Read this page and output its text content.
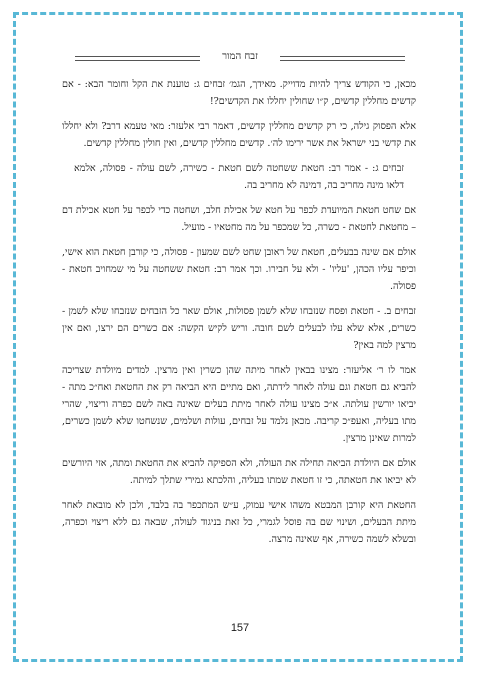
זבח המור

מכאן, כי הקודש צריך להיות מדוייק. מאידך, הגמ׳ זבחים ג: טוענת את הקל וחומר הבא: - אם קדשים מחללין קדשים, ק״ו שחולין יחללו את הקדשים?!

אלא הפסוק גילה, כי רק קדשים מחללין קדשים, דאמר רבי אלעזר: מאי טעמא דרב? ולא יחללו את קדשי בני ישראל את אשר ירימו לה׳. קדשים מחללין קדשים, ואין חולין מחללין קדשים.

זבחים ג: - אמר רב: חטאת ששחטה לשם חטאת - כשירה, לשם עולה - פסולה, אלמא דלאו מינה מחריב בה, דמינה לא מחריב בה.

אם שחט חטאת המיועדת לכפר על חטא של אכילת חלב, ושחטה כדי לכפר על חטא אכילת דם – מחטאת לחטאת - כשרה, כל שמכפר על מה מחטאיו - מועיל.

אולם אם שינה בבעלים, חטאת של ראובן שחט לשם שמעון - פסולה, כי קורבן חטאת הוא אישי, וכיפר עליו הכהן, 'עליו' - ולא על חבירו. וכך אמר רב: חטאת ששחטה על מי שמחויב חטאת - פסולה.

זבחים ב. - חטאת ופסח שנזבחו שלא לשמן פסולות, אולם שאר כל הזבחים שנזבחו שלא לשמן - כשרים, אלא שלא עלו לבעלים לשם חובה. וריש לקיש הקשה: אם כשרים הם ירצו, ואם אין מרצין למה באין?

אמר לו ר׳ אליעזר: מצינו בבאין לאחר מיתה שהן כשרין ואין מרצין. למדים מיולדת שצריכה להביא גם חטאת וגם עולה לאחר לידתה, ואם מתיים היא הביאה רק את החטאת ואח״כ מתה - יביאו יורשין עולתה. א״כ מצינו עולה לאחר מיתת בעלים שאינה באה לשם כפרה וריצוי, שהרי מתו בעליה, ואעפ״כ קריבה. מכאן נלמד על זבחים, עולות ושלמים, שנשחטו שלא לשמן כשרים, למרות שאינן מרצין.

אולם אם היולדת הביאה תחילה את העולה, ולא הספיקה להביא את החטאת ומתה, אזי היורשים לא יביאו את חטאתה, כי זו חטאת שמתו בעליה, והלכתא גמירי שתלך למיתה.

החטאת היא קורבן המבטא משהו אישי עמוק, ע״ש המתכפר בה בלבד, ולכן לא מובאת לאחר מיתת הבעלים, ושינוי שם בה פוסל לגמרי, כל זאת בניגוד לעולה, שבאה גם ללא ריצוי וכפרה, ובשלא לשמה כשירה, אף שאינה מרצה.

157
